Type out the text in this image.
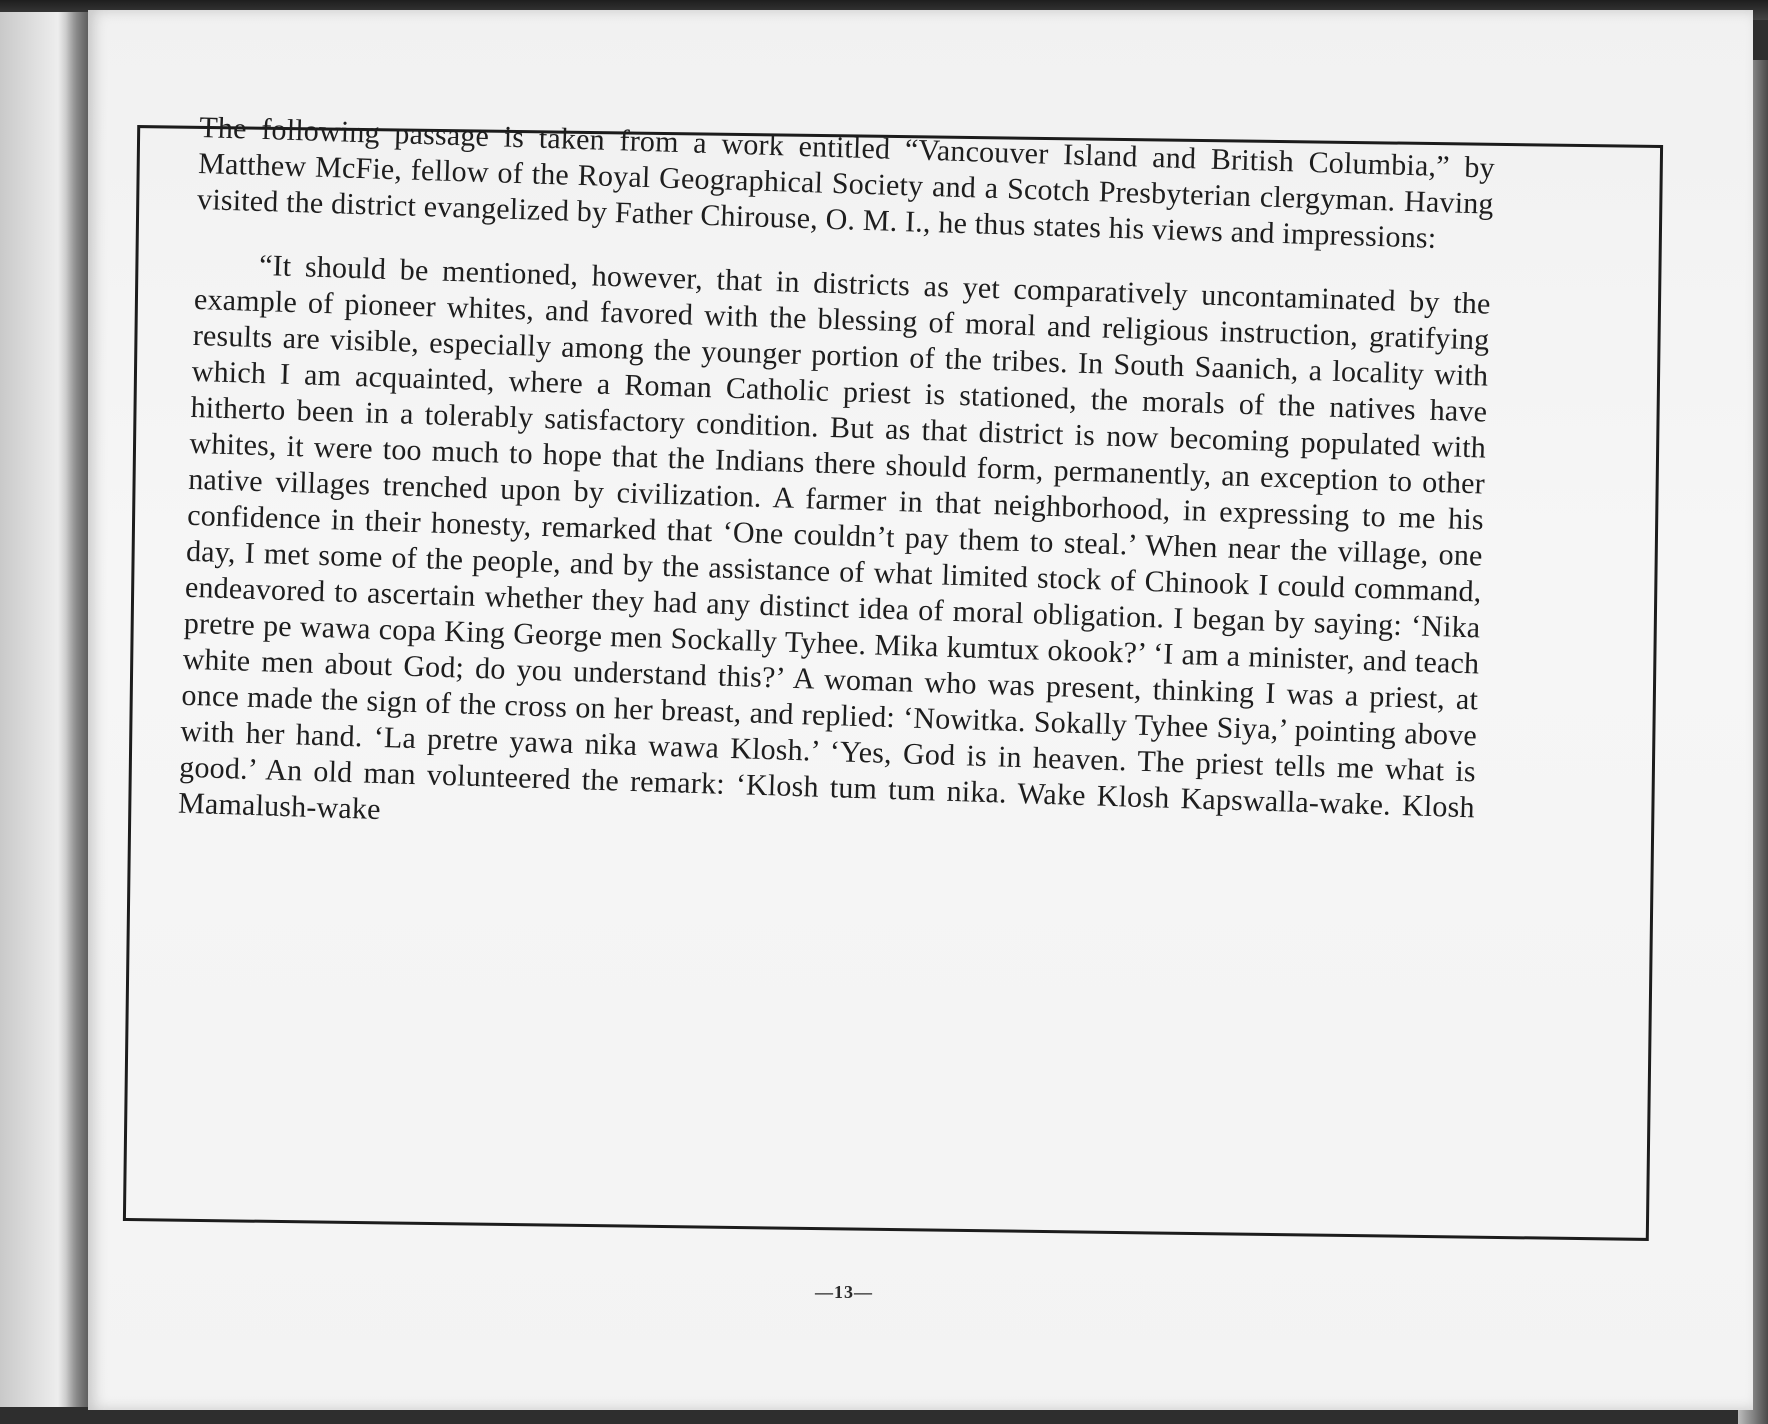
The following passage is taken from a work entitled “Vancouver Island and British Columbia,” by Matthew McFie, fellow of the Royal Geographical Society and a Scotch Presbyterian clergyman. Having visited the district evangelized by Father Chirouse, O. M. I., he thus states his views and impressions:

“It should be mentioned, however, that in districts as yet comparatively uncontaminated by the example of pioneer whites, and favored with the blessing of moral and religious instruction, gratifying results are visible, especially among the younger portion of the tribes. In South Saanich, a locality with which I am acquainted, where a Roman Catholic priest is stationed, the morals of the natives have hitherto been in a tolerably satisfactory condition. But as that district is now becoming populated with whites, it were too much to hope that the Indians there should form, permanently, an exception to other native villages trenched upon by civilization. A farmer in that neighborhood, in expressing to me his confidence in their honesty, remarked that ‘One couldn’t pay them to steal.’ When near the village, one day, I met some of the people, and by the assistance of what limited stock of Chinook I could command, endeavored to ascertain whether they had any distinct idea of moral obligation. I began by saying: ‘Nika pretre pe wawa copa King George men Sockally Tyhee. Mika kumtux okook?’ ‘I am a minister, and teach white men about God; do you understand this?’ A woman who was present, thinking I was a priest, at once made the sign of the cross on her breast, and replied: ‘Nowitka. Sokally Tyhee Siya,’ pointing above with her hand. ‘La pretre yawa nika wawa Klosh.’ ‘Yes, God is in heaven. The priest tells me what is good.’ An old man volunteered the remark: ‘Klosh tum tum nika. Wake Klosh Kapswalla-wake. Klosh Mamalush-wake

—13—
